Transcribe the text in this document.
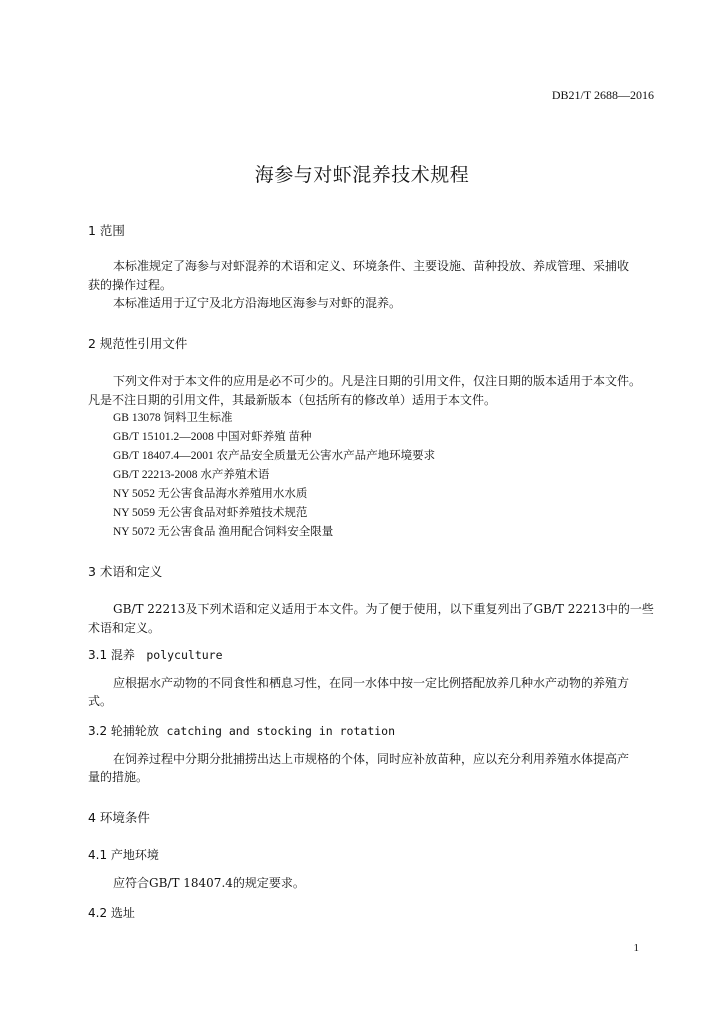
DB21/T 2688—2016
海参与对虾混养技术规程
1 范围
本标准规定了海参与对虾混养的术语和定义、环境条件、主要设施、苗种投放、养成管理、采捕收
获的操作过程。
本标准适用于辽宁及北方沿海地区海参与对虾的混养。
2 规范性引用文件
下列文件对于本文件的应用是必不可少的。凡是注日期的引用文件，仅注日期的版本适用于本文件。
凡是不注日期的引用文件，其最新版本（包括所有的修改单）适用于本文件。
GB 13078 饲料卫生标准
GB/T 15101.2—2008 中国对虾养殖 苗种
GB/T 18407.4—2001 农产品安全质量无公害水产品产地环境要求
GB/T 22213-2008 水产养殖术语
NY 5052 无公害食品海水养殖用水水质
NY 5059 无公害食品对虾养殖技术规范
NY 5072 无公害食品 渔用配合饲料安全限量
3 术语和定义
GB/T 22213及下列术语和定义适用于本文件。为了便于使用，以下重复列出了GB/T 22213中的一些
术语和定义。
3.1 混养 polyculture
应根据水产动物的不同食性和栖息习性，在同一水体中按一定比例搭配放养几种水产动物的养殖方
式。
3.2 轮捕轮放 catching and stocking in rotation
在饲养过程中分期分批捕捞出达上市规格的个体，同时应补放苗种，应以充分利用养殖水体提高产
量的措施。
4 环境条件
4.1 产地环境
应符合GB/T 18407.4的规定要求。
4.2 选址
1
